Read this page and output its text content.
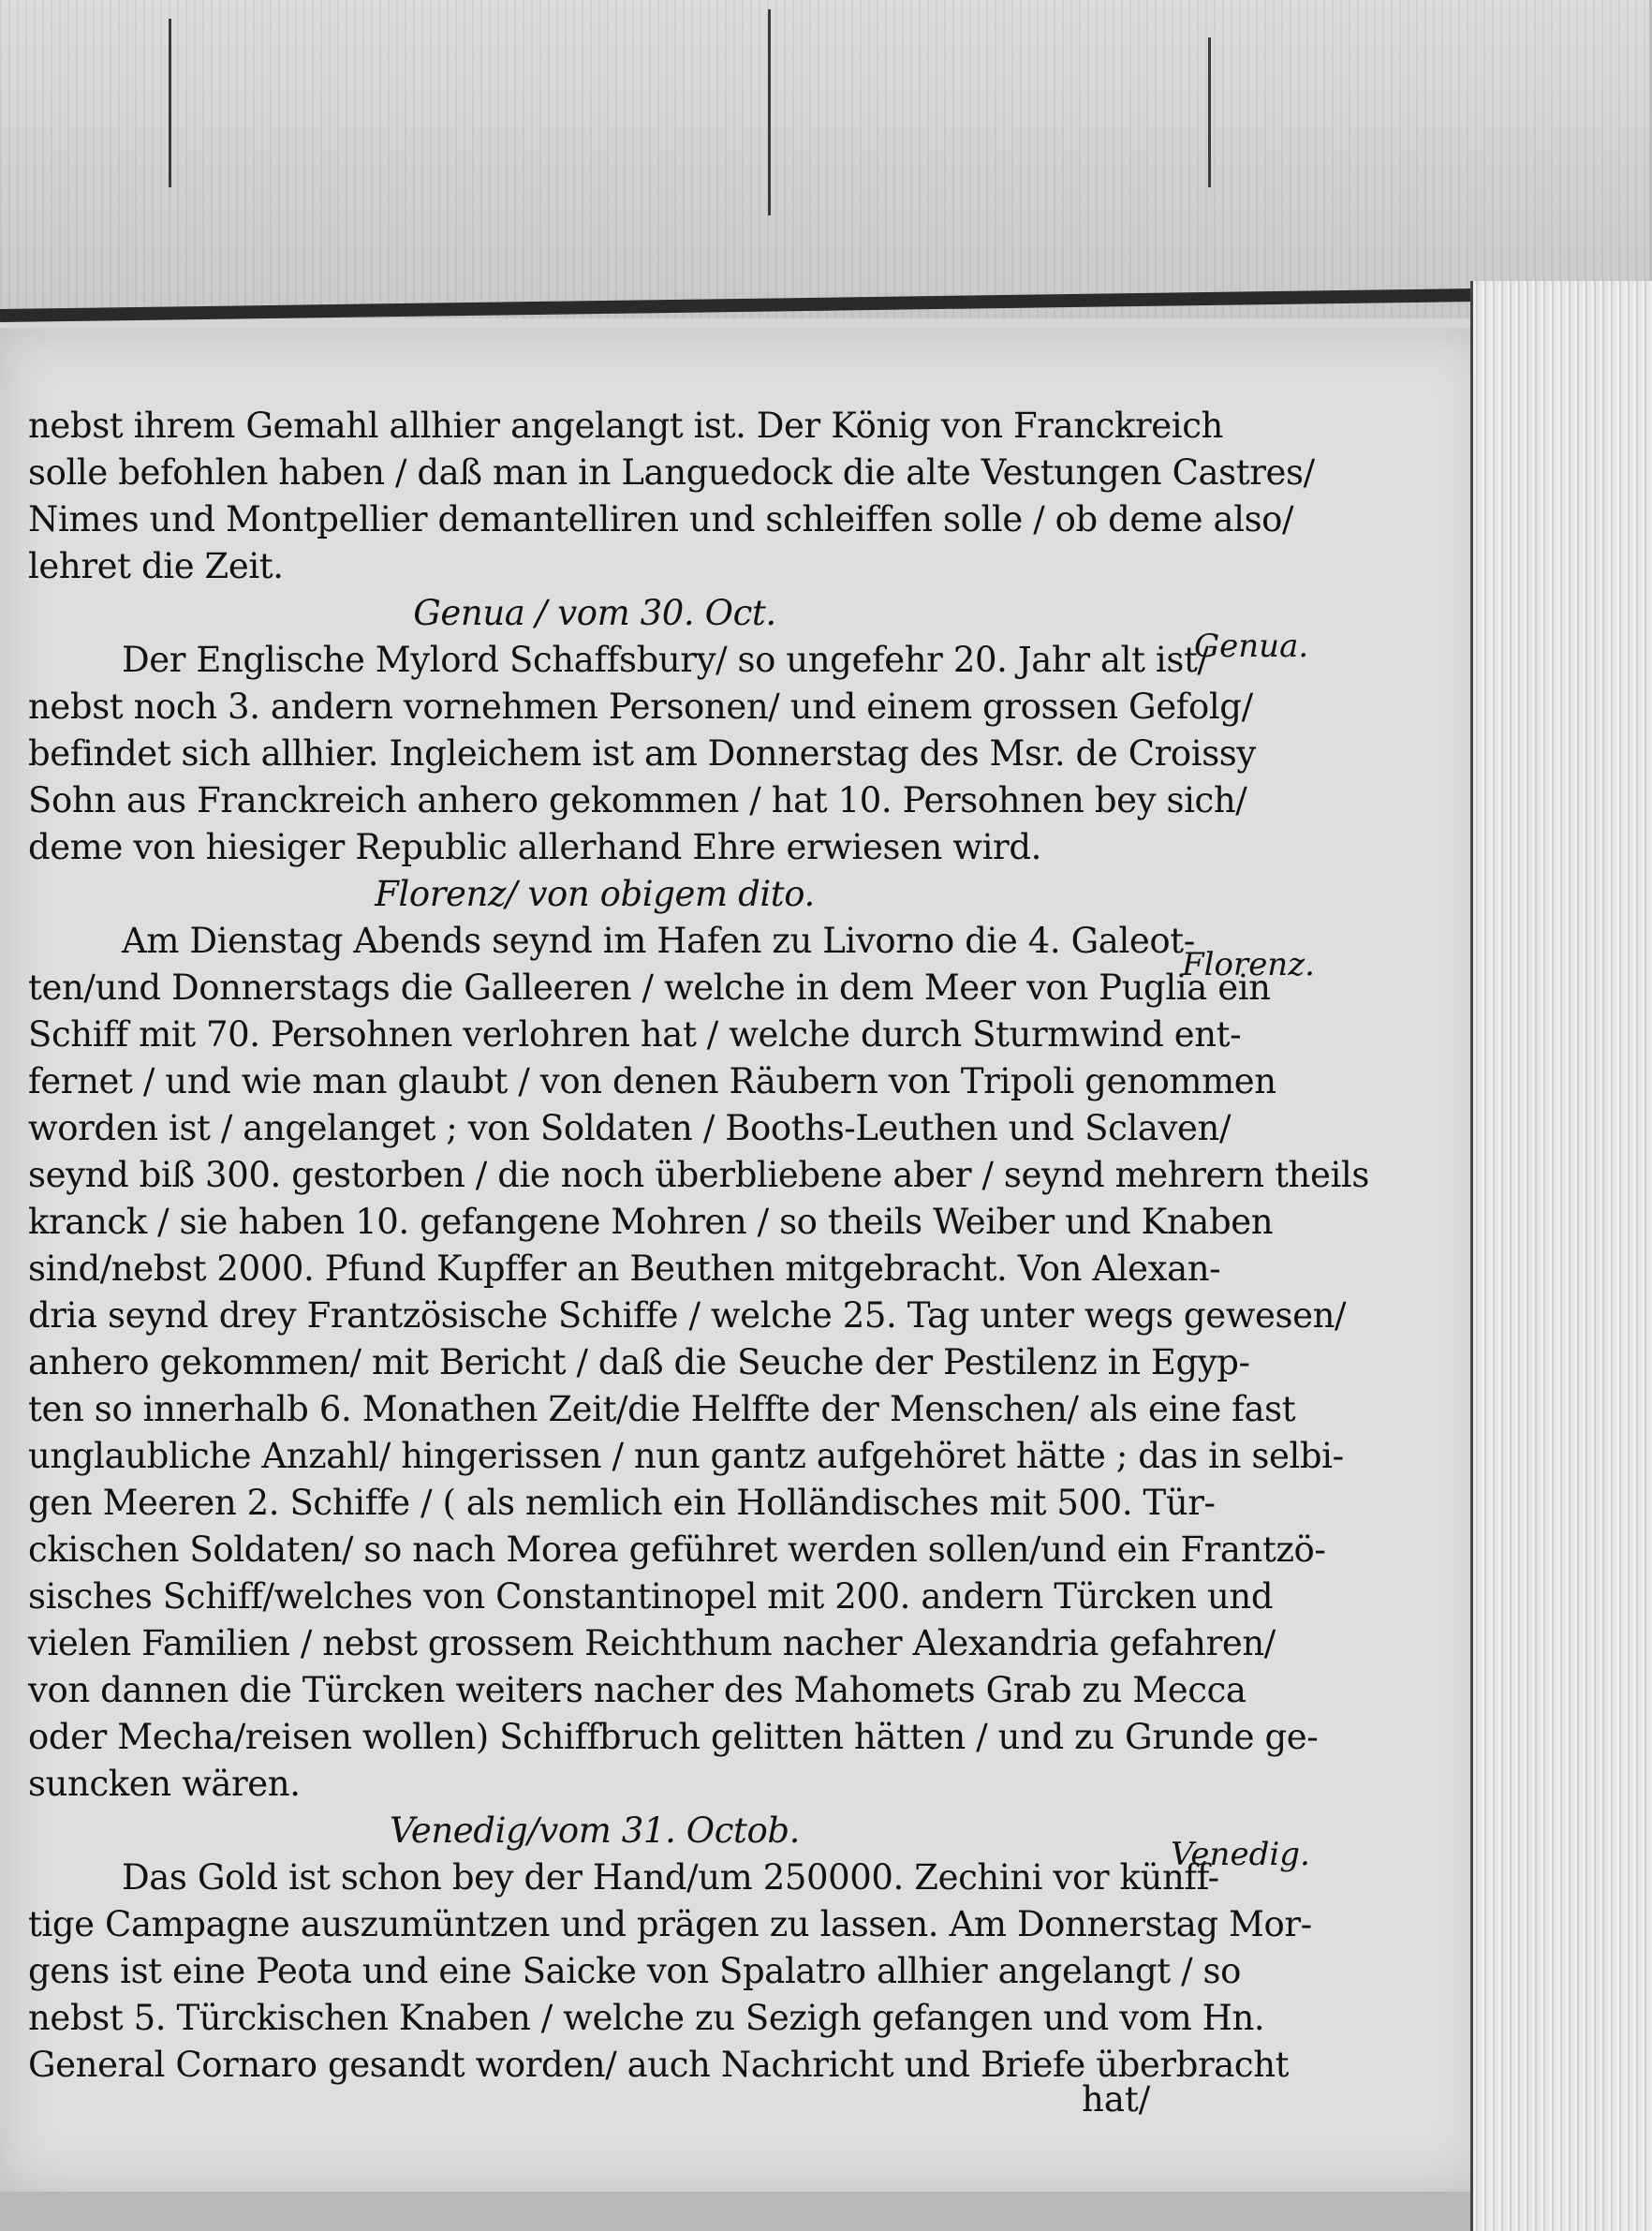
nebst ihrem Gemahl allhier angelangt ist. Der König von Franckreich
solle befohlen haben / daß man in Languedock die alte Vestungen Castres/
Nimes und Montpellier demantelliren und schleiffen solle / ob deme also/
lehret die Zeit.
Genua / vom 30. Oct.
Der Englische Mylord Schaffsbury/ so ungefehr 20. Jahr alt ist/
nebst noch 3. andern vornehmen Personen/ und einem grossen Gefolg/
befindet sich allhier. Ingleichem ist am Donnerstag des Msr. de Croissy
Sohn aus Franckreich anhero gekommen / hat 10. Persohnen bey sich/
deme von hiesiger Republic allerhand Ehre erwiesen wird.
Florenz/ von obigem dito.
Am Dienstag Abends seynd im Hafen zu Livorno die 4. Galeot-
ten/und Donnerstags die Galleeren / welche in dem Meer von Puglia ein
Schiff mit 70. Persohnen verlohren hat / welche durch Sturmwind ent-
fernet / und wie man glaubt / von denen Räubern von Tripoli genommen
worden ist / angelanget ; von Soldaten / Booths-Leuthen und Sclaven/
seynd biß 300. gestorben / die noch überbliebene aber / seynd mehrern theils
kranck / sie haben 10. gefangene Mohren / so theils Weiber und Knaben
sind/nebst 2000. Pfund Kupffer an Beuthen mitgebracht. Von Alexan-
dria seynd drey Frantzösische Schiffe / welche 25. Tag unter wegs gewesen/
anhero gekommen/ mit Bericht / daß die Seuche der Pestilenz in Egyp-
ten so innerhalb 6. Monathen Zeit/die Helffte der Menschen/ als eine fast
unglaubliche Anzahl/ hingerissen / nun gantz aufgehöret hätte ; das in selbi-
gen Meeren 2. Schiffe / ( als nemlich ein Holländisches mit 500. Tür-
ckischen Soldaten/ so nach Morea geführet werden sollen/und ein Frantzö-
sisches Schiff/welches von Constantinopel mit 200. andern Türcken und
vielen Familien / nebst grossem Reichthum nacher Alexandria gefahren/
von dannen die Türcken weiters nacher des Mahomets Grab zu Mecca
oder Mecha/reisen wollen) Schiffbruch gelitten hätten / und zu Grunde ge-
suncken wären.
Venedig/vom 31. Octob.
Das Gold ist schon bey der Hand/um 250000. Zechini vor künff-
tige Campagne auszumüntzen und prägen zu lassen. Am Donnerstag Mor-
gens ist eine Peota und eine Saicke von Spalatro allhier angelangt / so
nebst 5. Türckischen Knaben / welche zu Sezigh gefangen und vom Hn.
General Cornaro gesandt worden/ auch Nachricht und Briefe überbracht
Genua.
Florenz.
Venedig.
hat/
